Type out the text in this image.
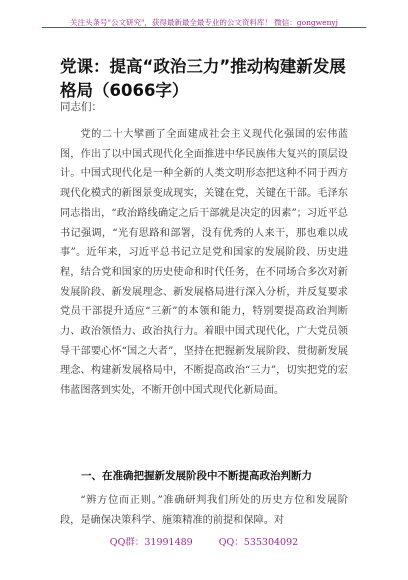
关注头条号"公文研究"，获得最新最全最专业的公文资料库！ 微信：gongwenyj
党课：提高“政治三力”推动构建新发展格局（6066字）
同志们：

党的二十大擘画了全面建成社会主义现代化强国的宏伟蓝图，作出了以中国式现代化全面推进中华民族伟大复兴的顶层设计。中国式现代化是一种全新的人类文明形态把这种不同于西方现代化模式的新图景变成现实，关键在党，关键在干部。毛泽东同志指出，“政治路线确定之后干部就是决定的因素”；习近平总书记强调，“光有思路和部署，没有优秀的人来干，那也难以成事”。近年来，习近平总书记立足党和国家的发展阶段、历史进程，结合党和国家的历史使命和时代任务，在不同场合多次对新发展阶段、新发展理念、新发展格局进行深入分析，并反复要求党员干部提升适应“三新”的本领和能力，特别要提高政治判断力、政治领悟力、政治执行力。着眼中国式现代化，广大党员领导干部要心怀“国之大者”，坚持在把握新发展阶段、贯彻新发展理念、构建新发展格局中，不断提高政治“三力”，切实把党的宏伟蓝图落到实处，不断开创中国式现代化新局面。

一、在准确把握新发展阶段中不断提高政治判断力

“辨方位而正则。”准确研判我们所处的历史方位和发展阶段，是确保决策科学、施策精准的前提和保障。对

QQ群：31991489	QQ：535304092
